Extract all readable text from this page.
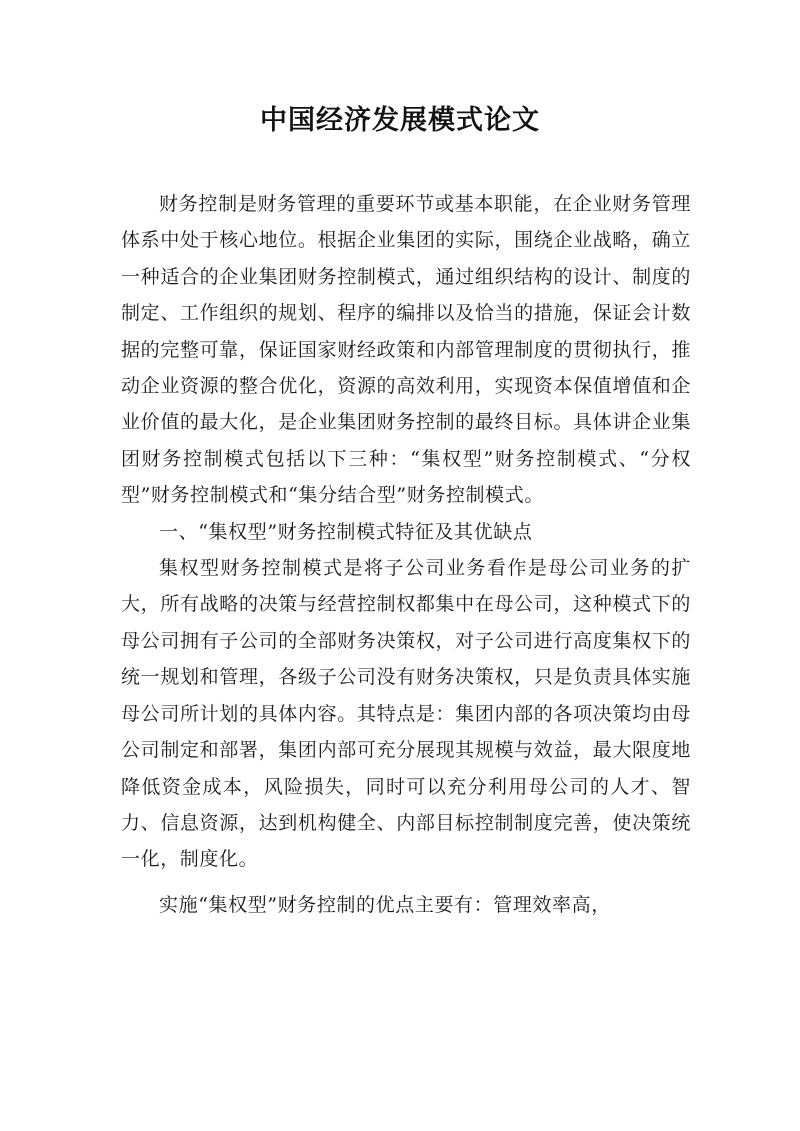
中国经济发展模式论文

财务控制是财务管理的重要环节或基本职能，在企业财务管理体系中处于核心地位。根据企业集团的实际，围绕企业战略，确立一种适合的企业集团财务控制模式，通过组织结构的设计、制度的制定、工作组织的规划、程序的编排以及恰当的措施，保证会计数据的完整可靠，保证国家财经政策和内部管理制度的贯彻执行，推动企业资源的整合优化，资源的高效利用，实现资本保值增值和企业价值的最大化，是企业集团财务控制的最终目标。具体讲企业集团财务控制模式包括以下三种：“集权型”财务控制模式、“分权型”财务控制模式和“集分结合型”财务控制模式。

一、“集权型”财务控制模式特征及其优缺点

集权型财务控制模式是将子公司业务看作是母公司业务的扩大，所有战略的决策与经营控制权都集中在母公司，这种模式下的母公司拥有子公司的全部财务决策权，对子公司进行高度集权下的统一规划和管理，各级子公司没有财务决策权，只是负责具体实施母公司所计划的具体内容。其特点是：集团内部的各项决策均由母公司制定和部署，集团内部可充分展现其规模与效益，最大限度地降低资金成本，风险损失，同时可以充分利用母公司的人才、智力、信息资源，达到机构健全、内部目标控制制度完善，使决策统一化，制度化。

实施“集权型”财务控制的优点主要有：管理效率高，
